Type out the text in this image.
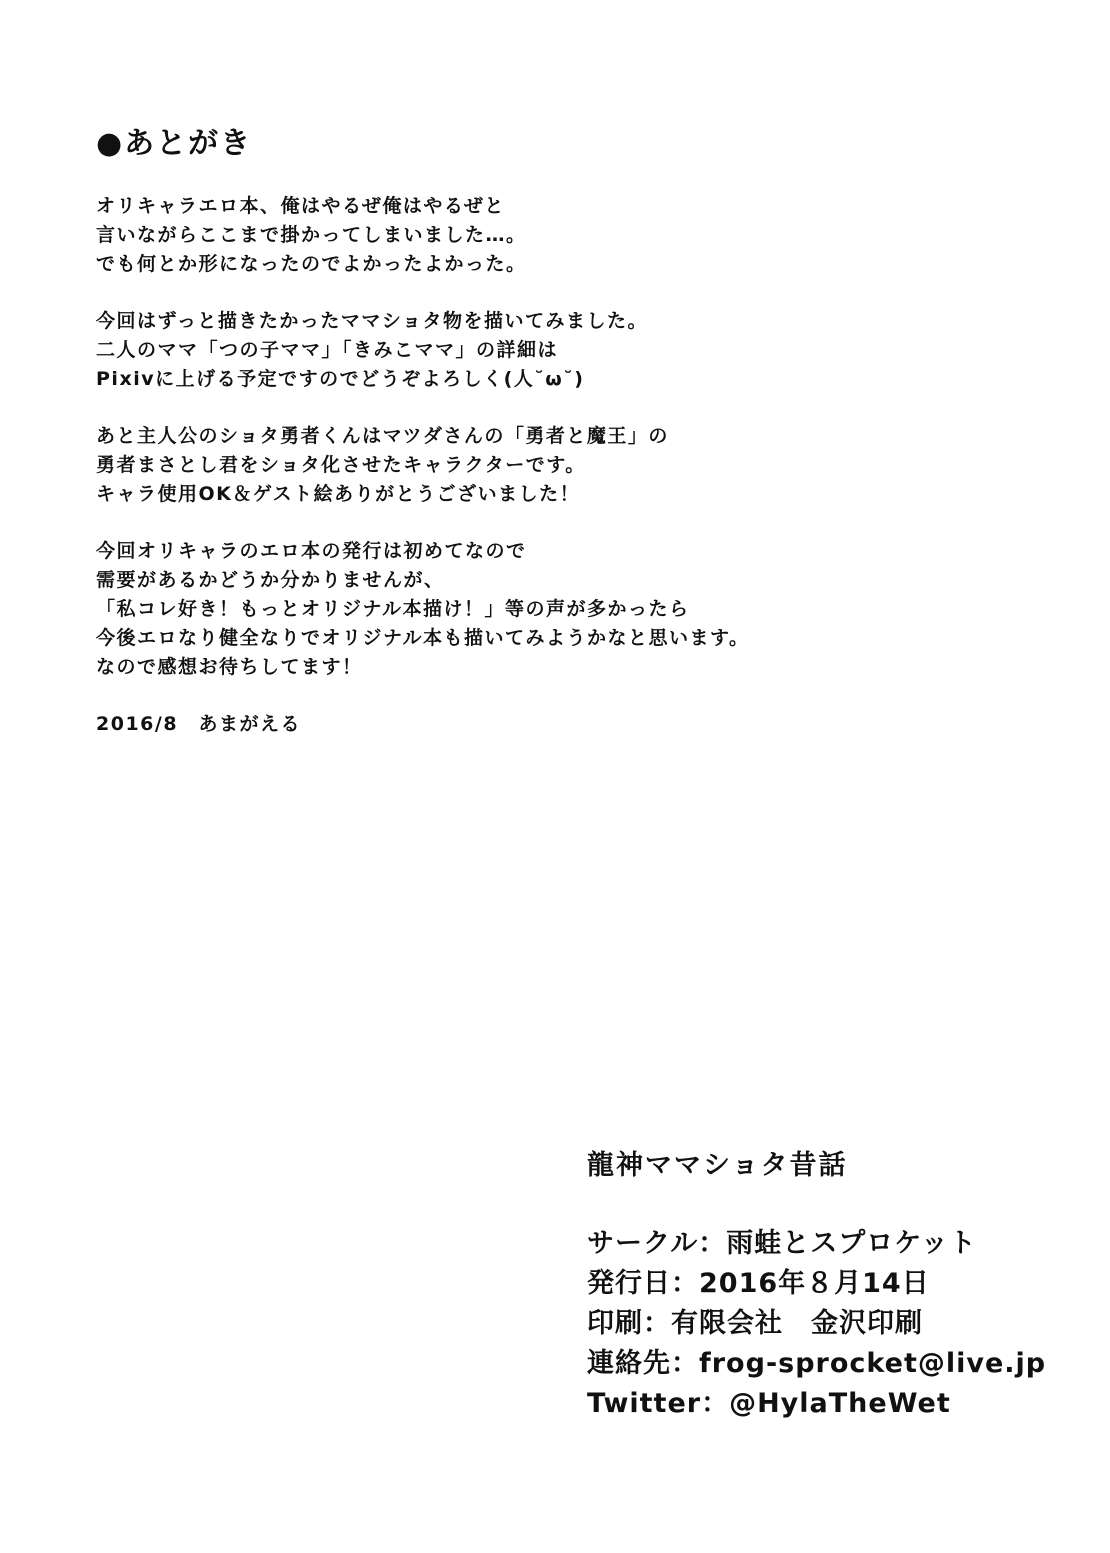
●あとがき
オリキャラエロ本、俺はやるぜ俺はやるぜと
言いながらここまで掛かってしまいました…。
でも何とか形になったのでよかったよかった。
今回はずっと描きたかったママショタ物を描いてみました。
二人のママ「つの子ママ」「きみこママ」の詳細は
Pixivに上げる予定ですのでどうぞよろしく(人˘ω˘)
あと主人公のショタ勇者くんはマツダさんの「勇者と魔王」の
勇者まさとし君をショタ化させたキャラクターです。
キャラ使用OK＆ゲスト絵ありがとうございました！
今回オリキャラのエロ本の発行は初めてなので
需要があるかどうか分かりませんが、
「私コレ好き！もっとオリジナル本描け！」等の声が多かったら
今後エロなり健全なりでオリジナル本も描いてみようかなと思います。
なので感想お待ちしてます！
2016/8　あまがえる
龍神ママショタ昔話
サークル：雨蛙とスプロケット
発行日：2016年８月14日
印刷：有限会社　金沢印刷
連絡先：frog-sprocket@live.jp
Twitter：@HylaTheWet
